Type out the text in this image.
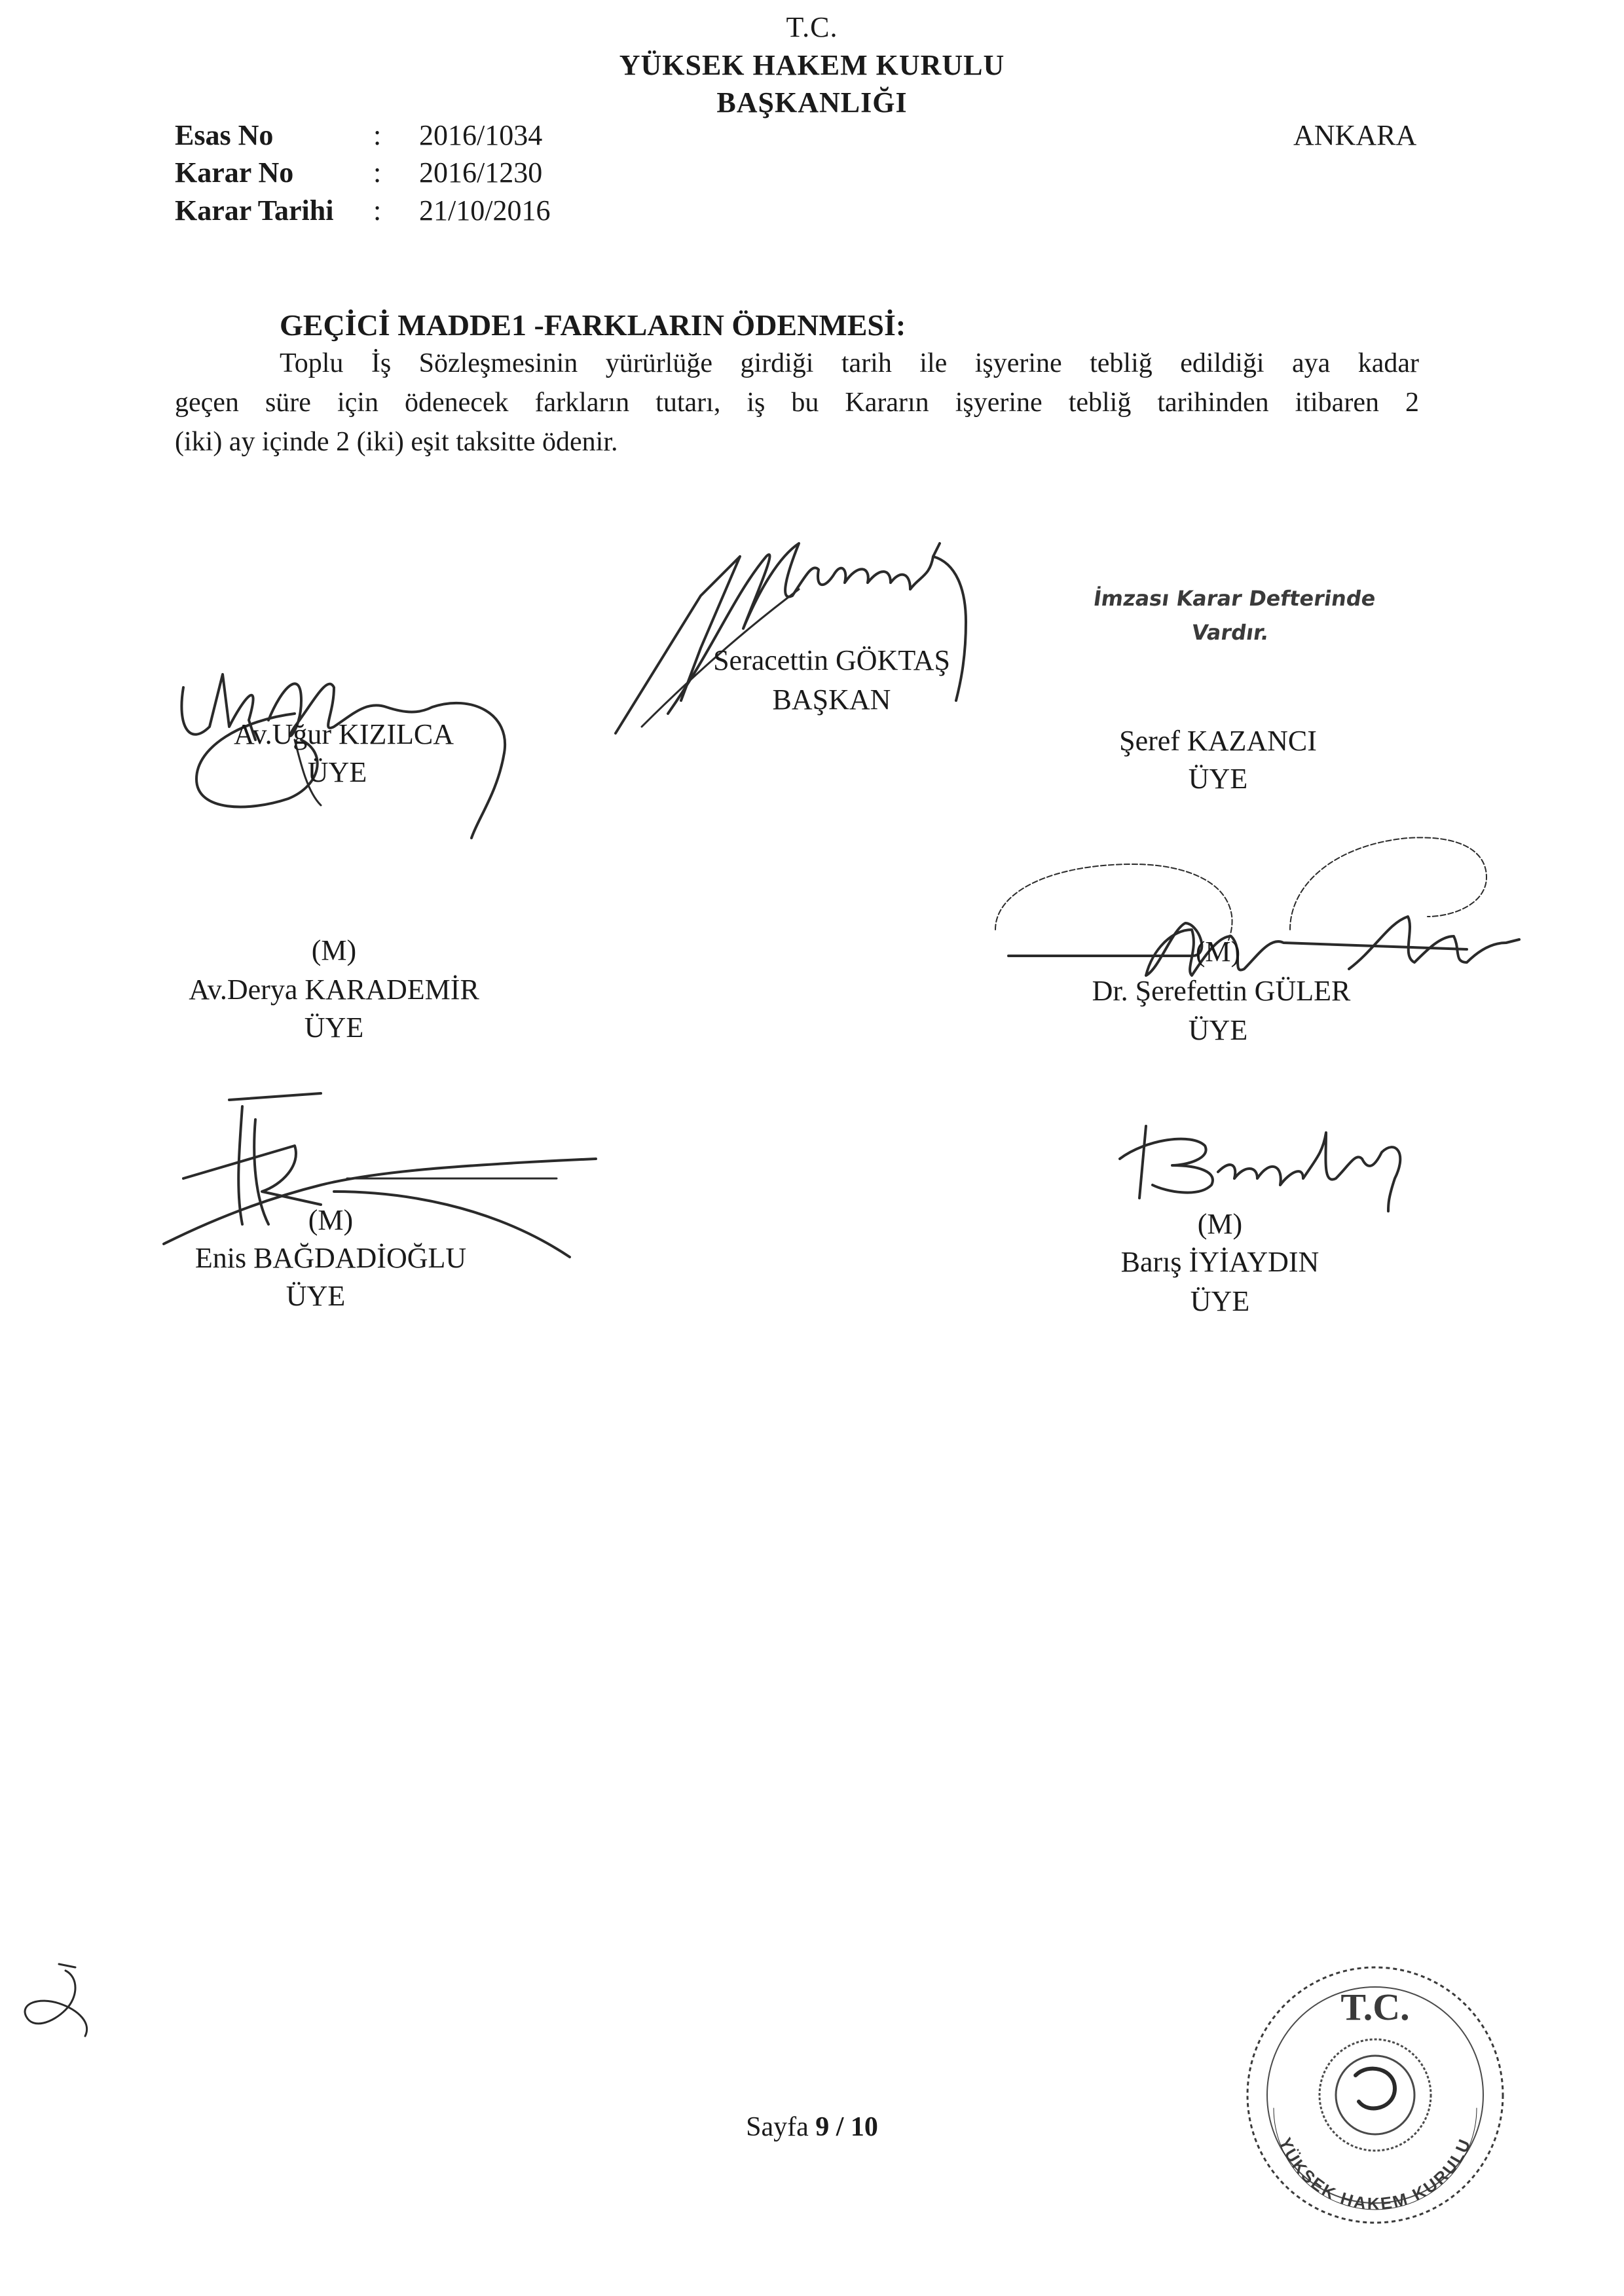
T.C.
YÜKSEK HAKEM KURULU
BAŞKANLIĞI
Esas No	: 2016/1034	ANKARA
Karar No	: 2016/1230
Karar Tarihi : 21/10/2016
GEÇİCİ MADDE1 -FARKLARIN ÖDENMESİ:
Toplu İş Sözleşmesinin yürürlüğe girdiği tarih ile işyerine tebliğ edildiği aya kadar
geçen süre için ödenecek farkların tutarı, iş bu Kararın işyerine tebliğ tarihinden itibaren 2
(iki) ay içinde 2 (iki) eşit taksitte ödenir.
Seracettin GÖKTAŞ
BAŞKAN
Av.Uğur KIZILCA
ÜYE
İmzası Karar Defterinde
Vardır.
Şeref KAZANCI
ÜYE
(M)
Av.Derya KARADEMİR
ÜYE
(M)
Dr. Şerefettin GÜLER
ÜYE
(M)
Enis BAĞDADİOĞLU
ÜYE
(M)
Barış İYİAYDIN
ÜYE
Sayfa 9 / 10
T.C.
YÜKSEK HAKEM KURULU
